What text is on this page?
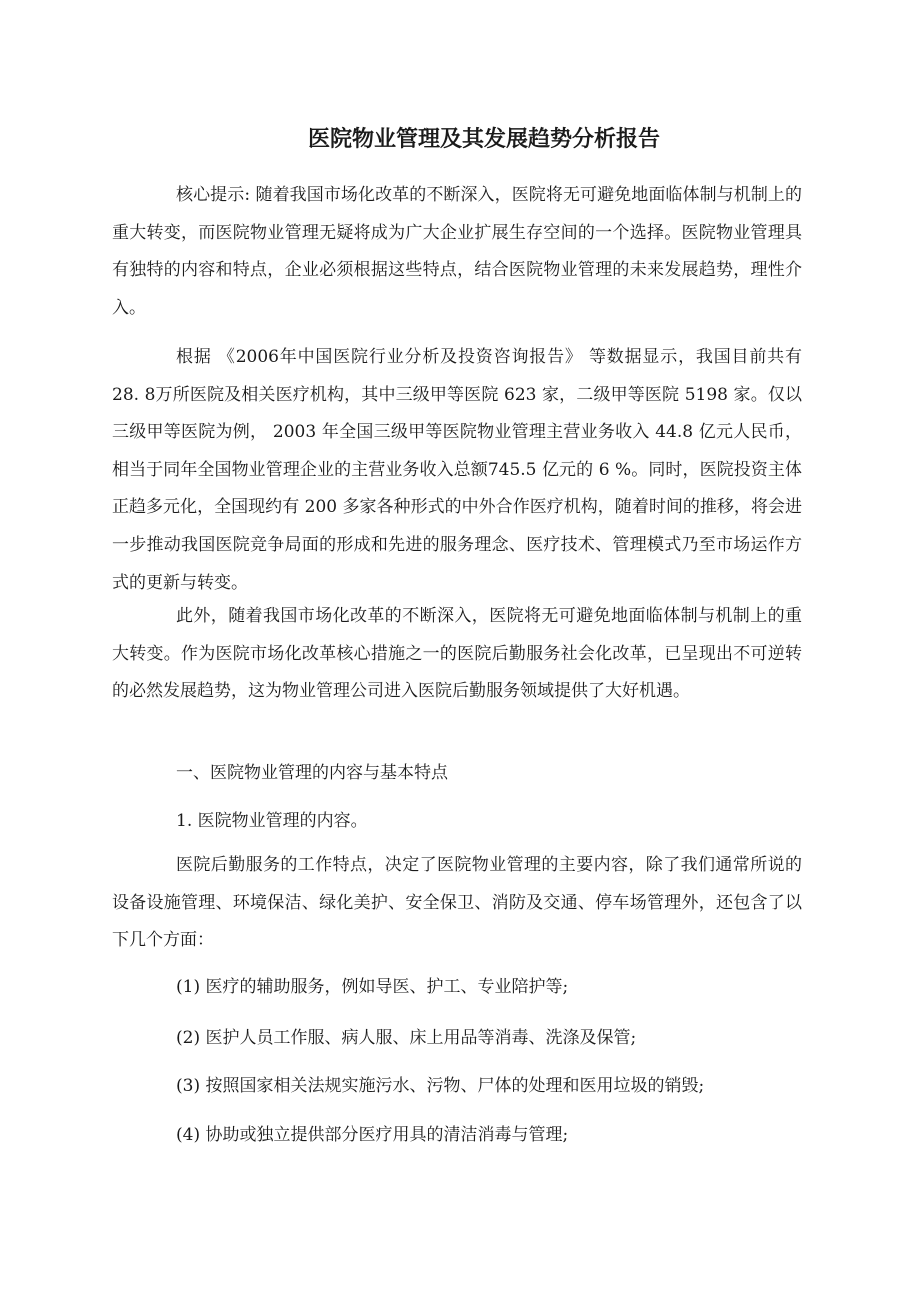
医院物业管理及其发展趋势分析报告

核心提示: 随着我国市场化改革的不断深入，医院将无可避免地面临体制与机制上的重大转变，而医院物业管理无疑将成为广大企业扩展生存空间的一个选择。医院物业管理具有独特的内容和特点，企业必须根据这些特点，结合医院物业管理的未来发展趋势，理性介入。

根据 《2006年中国医院行业分析及投资咨询报告》 等数据显示，我国目前共有 28. 8万所医院及相关医疗机构，其中三级甲等医院 623 家，二级甲等医院 5198 家。仅以三级甲等医院为例， 2003 年全国三级甲等医院物业管理主营业务收入 44.8 亿元人民币，相当于同年全国物业管理企业的主营业务收入总额745.5 亿元的 6 %。同时，医院投资主体正趋多元化，全国现约有 200 多家各种形式的中外合作医疗机构，随着时间的推移，将会进一步推动我国医院竞争局面的形成和先进的服务理念、医疗技术、管理模式乃至市场运作方式的更新与转变。

此外，随着我国市场化改革的不断深入，医院将无可避免地面临体制与机制上的重大转变。作为医院市场化改革核心措施之一的医院后勤服务社会化改革，已呈现出不可逆转的必然发展趋势，这为物业管理公司进入医院后勤服务领域提供了大好机遇。

一、医院物业管理的内容与基本特点

1. 医院物业管理的内容。

医院后勤服务的工作特点，决定了医院物业管理的主要内容，除了我们通常所说的设备设施管理、环境保洁、绿化美护、安全保卫、消防及交通、停车场管理外，还包含了以下几个方面：

(1) 医疗的辅助服务，例如导医、护工、专业陪护等;

(2) 医护人员工作服、病人服、床上用品等消毒、洗涤及保管;

(3) 按照国家相关法规实施污水、污物、尸体的处理和医用垃圾的销毁;

(4) 协助或独立提供部分医疗用具的清洁消毒与管理;
